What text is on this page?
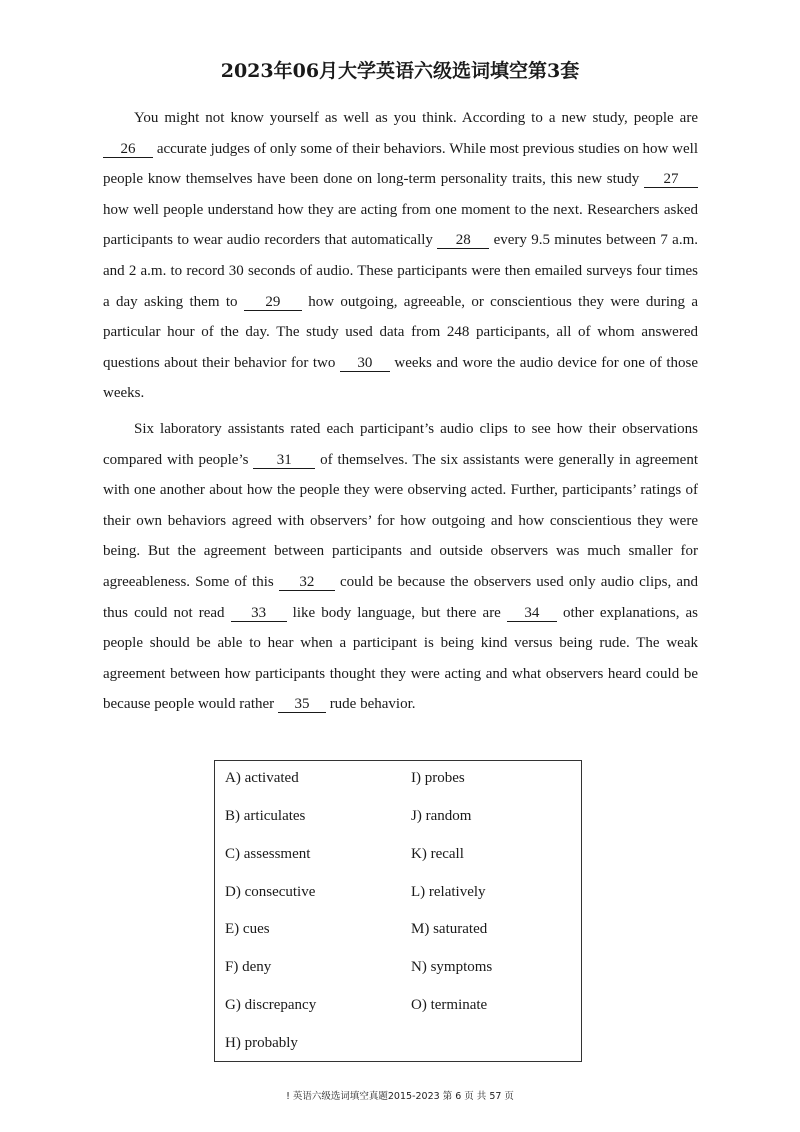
2023年06月大学英语六级选词填空第3套

You might not know yourself as well as you think. According to a new study, people are 26 accurate judges of only some of their behaviors. While most previous studies on how well people know themselves have been done on long-term personality traits, this new study 27 how well people understand how they are acting from one moment to the next. Researchers asked participants to wear audio recorders that automatically 28 every 9.5 minutes between 7 a.m. and 2 a.m. to record 30 seconds of audio. These participants were then emailed surveys four times a day asking them to 29 how outgoing, agreeable, or conscientious they were during a particular hour of the day. The study used data from 248 participants, all of whom answered questions about their behavior for two 30 weeks and wore the audio device for one of those weeks.

Six laboratory assistants rated each participant’s audio clips to see how their observations compared with people’s 31 of themselves. The six assistants were generally in agreement with one another about how the people they were observing acted. Further, participants’ ratings of their own behaviors agreed with observers’ for how outgoing and how conscientious they were being. But the agreement between participants and outside observers was much smaller for agreeableness. Some of this 32 could be because the observers used only audio clips, and thus could not read 33 like body language, but there are 34 other explanations, as people should be able to hear when a participant is being kind versus being rude. The weak agreement between how participants thought they were acting and what observers heard could be because people would rather 35 rude behavior.

A) activated
B) articulates
C) assessment
D) consecutive
E) cues
F) deny
G) discrepancy
H) probably
I) probes
J) random
K) recall
L) relatively
M) saturated
N) symptoms
O) terminate
! 英语六级选词填空真题2015-2023 第 6 页 共 57 页
